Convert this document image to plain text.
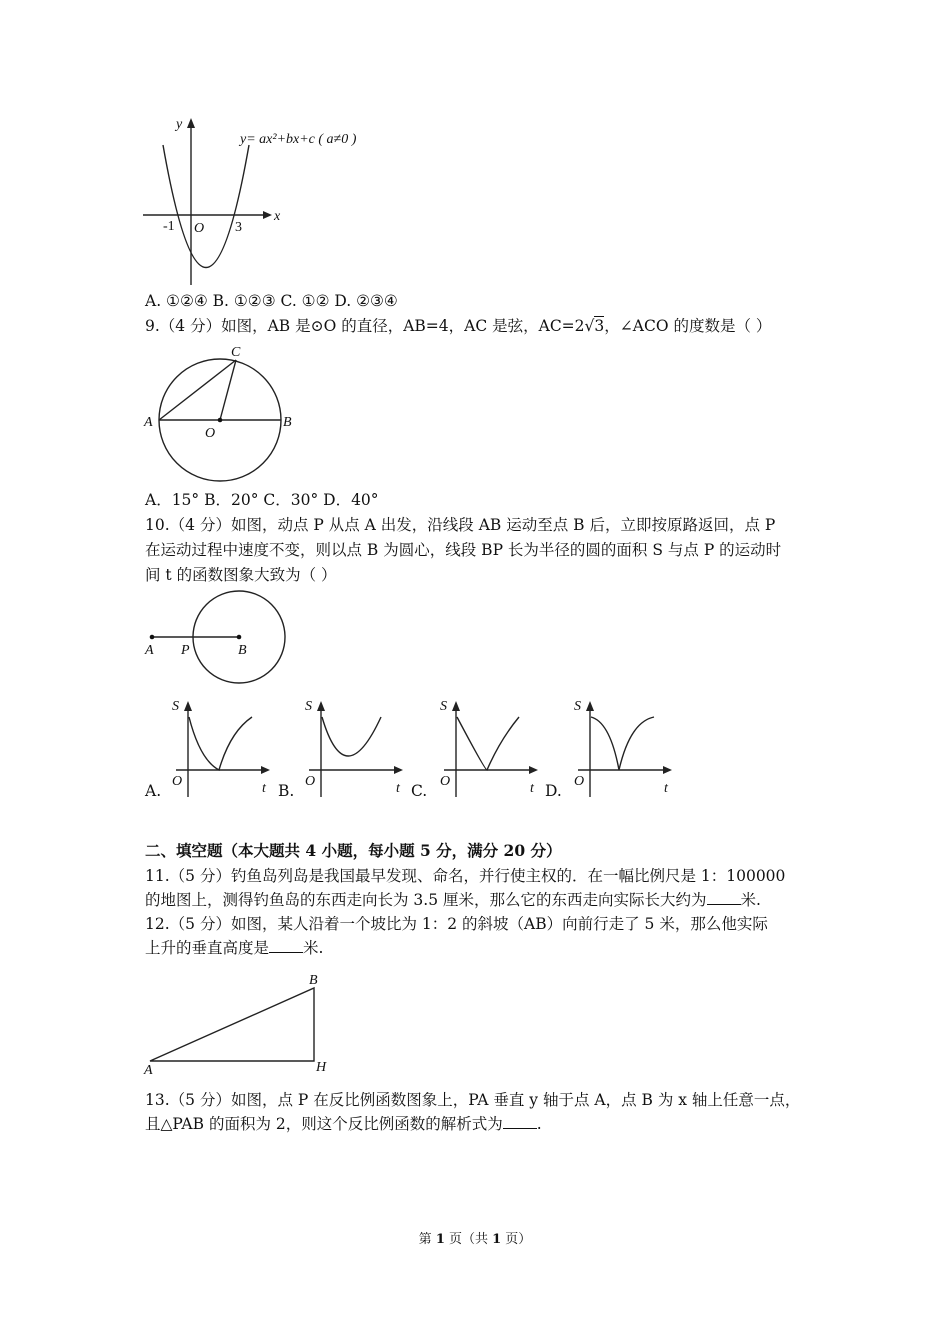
y
x
O
-1	3
y= ax²+bx+c ( a≠0 )
A. ①②④ B. ①②③ C. ①② D. ②③④
9.（4 分）如图，AB 是⊙O 的直径，AB=4，AC 是弦，AC=2√3，∠ACO 的度数是（ ）
A	B
C
O
A．15° B．20° C．30° D．40°
10.（4 分）如图，动点 P 从点 A 出发，沿线段 AB 运动至点 B 后，立即按原路返回，点 P
在运动过程中速度不变，则以点 B 为圆心，线段 BP 长为半径的圆的面积 S 与点 P 的运动时
间 t 的函数图象大致为（ ）
A P	B
S
O	t
A.
S
O	t
B.
S
O	t
C.
S
O	t
D.
二、填空题（本大题共 4 小题，每小题 5 分，满分 20 分）
11.（5 分）钓鱼岛列岛是我国最早发现、命名，并行使主权的．在一幅比例尺是 1：100000
的地图上，测得钓鱼岛的东西走向长为 3.5 厘米，那么它的东西走向实际长大约为 米.
12.（5 分）如图，某人沿着一个坡比为 1：2 的斜坡（AB）向前行走了 5 米，那么他实际
上升的垂直高度是 米.
A
B
H
13.（5 分）如图，点 P 在反比例函数图象上，PA 垂直 y 轴于点 A，点 B 为 x 轴上任意一点，
且△PAB 的面积为 2，则这个反比例函数的解析式为 .
第 1 页（共 1 页）
